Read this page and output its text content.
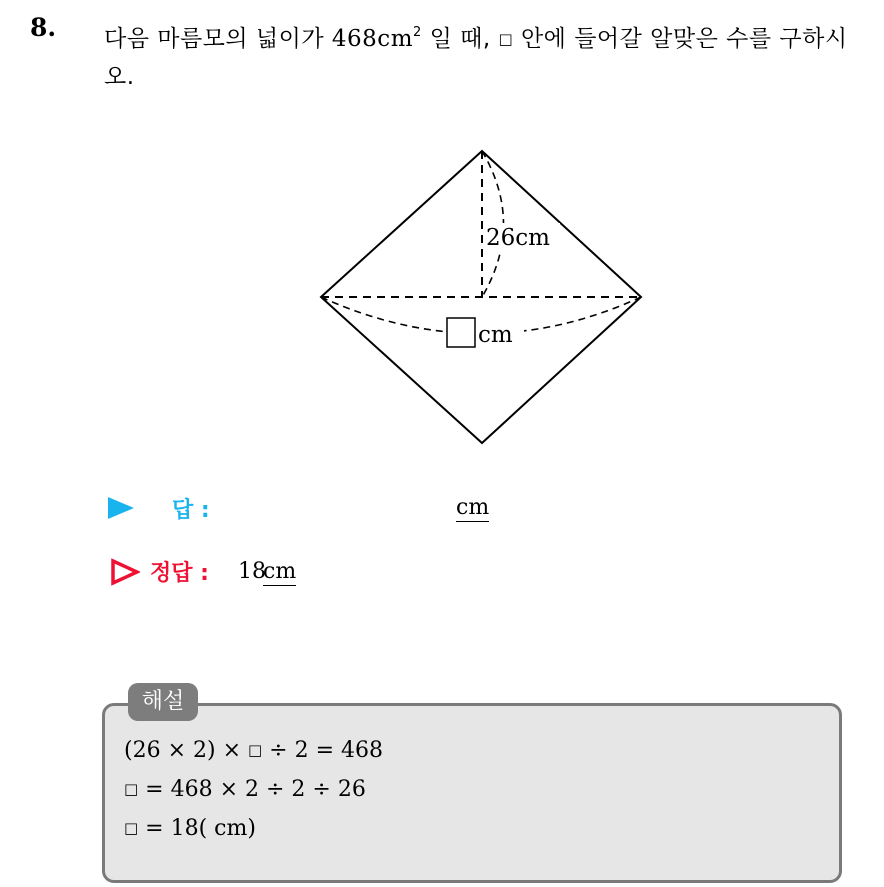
8. 다음 마름모의 넓이가 $468cm^2$ 일 때, □ 안에 들어갈 알맞은 수를 구하시오.
26cm
cm
답 :	cm
정답 : 18
cm
해설
(26 × 2) × □ ÷ 2 = 468
□ = 468 × 2 ÷ 2 ÷ 26
□ = 18( cm)
